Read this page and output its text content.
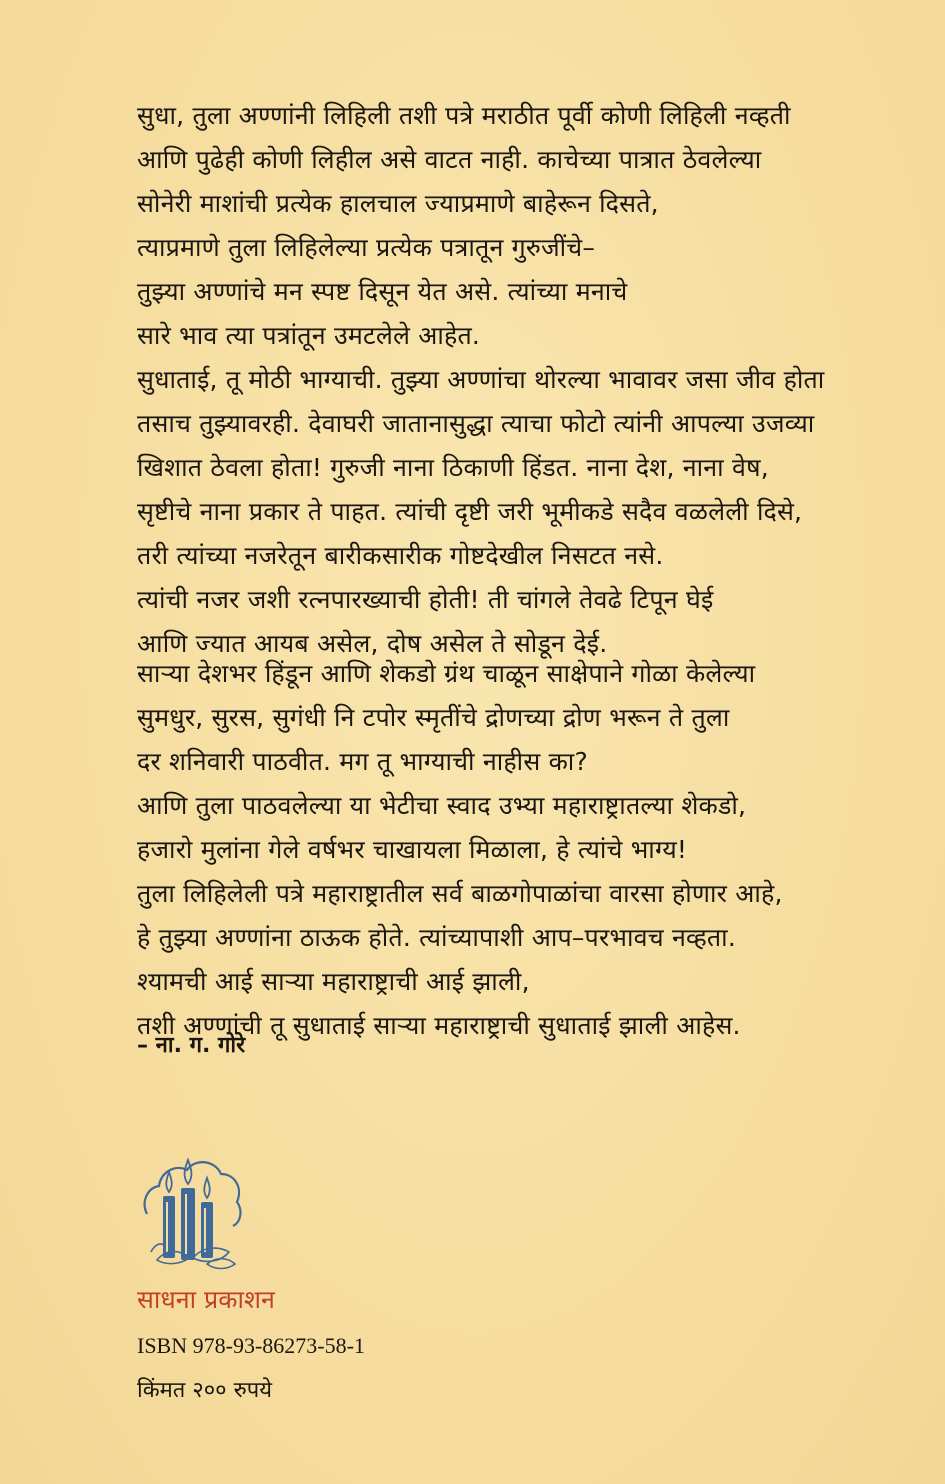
सुधा, तुला अण्णांनी लिहिली तशी पत्रे मराठीत पूर्वी कोणी लिहिली नव्हती
आणि पुढेही कोणी लिहील असे वाटत नाही. काचेच्या पात्रात ठेवलेल्या
सोनेरी माशांची प्रत्येक हालचाल ज्याप्रमाणे बाहेरून दिसते,
त्याप्रमाणे तुला लिहिलेल्या प्रत्येक पत्रातून गुरुजींचे–
तुझ्या अण्णांचे मन स्पष्ट दिसून येत असे. त्यांच्या मनाचे
सारे भाव त्या पत्रांतून उमटलेले आहेत.
सुधाताई, तू मोठी भाग्याची. तुझ्या अण्णांचा थोरल्या भावावर जसा जीव होता
तसाच तुझ्यावरही. देवाघरी जातानासुद्धा त्याचा फोटो त्यांनी आपल्या उजव्या
खिशात ठेवला होता! गुरुजी नाना ठिकाणी हिंडत. नाना देश, नाना वेष,
सृष्टीचे नाना प्रकार ते पाहत. त्यांची दृष्टी जरी भूमीकडे सदैव वळलेली दिसे,
तरी त्यांच्या नजरेतून बारीकसारीक गोष्टदेखील निसटत नसे.
त्यांची नजर जशी रत्नपारख्याची होती! ती चांगले तेवढे टिपून घेई
आणि ज्यात आयब असेल, दोष असेल ते सोडून देई.
साऱ्या देशभर हिंडून आणि शेकडो ग्रंथ चाळून साक्षेपाने गोळा केलेल्या
सुमधुर, सुरस, सुगंधी नि टपोर स्मृतींचे द्रोणच्या द्रोण भरून ते तुला
दर शनिवारी पाठवीत. मग तू भाग्याची नाहीस का?
आणि तुला पाठवलेल्या या भेटीचा स्वाद उभ्या महाराष्ट्रातल्या शेकडो,
हजारो मुलांना गेले वर्षभर चाखायला मिळाला, हे त्यांचे भाग्य!
तुला लिहिलेली पत्रे महाराष्ट्रातील सर्व बाळगोपाळांचा वारसा होणार आहे,
हे तुझ्या अण्णांना ठाऊक होते. त्यांच्यापाशी आप–परभावच नव्हता.
श्यामची आई साऱ्या महाराष्ट्राची आई झाली,
तशी अण्णांची तू सुधाताई साऱ्या महाराष्ट्राची सुधाताई झाली आहेस.
– ना. ग. गोरे
साधना प्रकाशन
ISBN 978-93-86273-58-1
किंमत २०० रुपये
